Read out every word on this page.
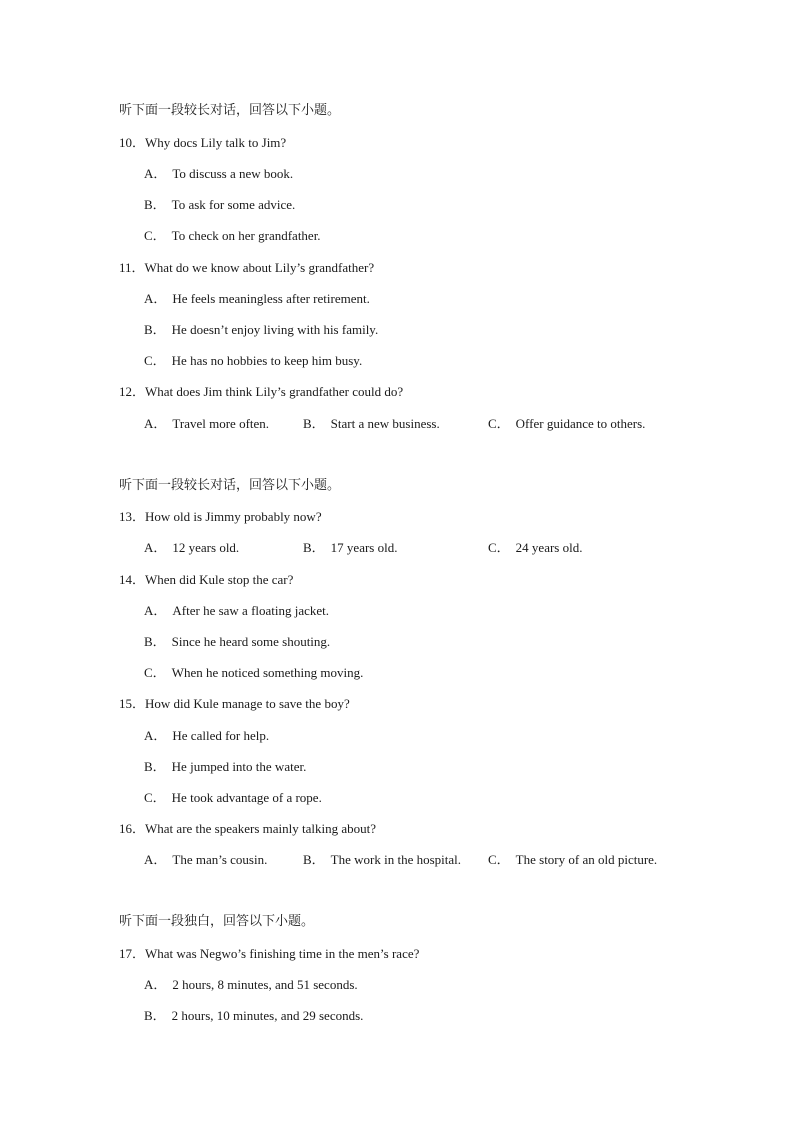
听下面一段较长对话，回答以下小题。
10．Why docs Lily talk to Jim?
A． To discuss a new book.
B． To ask for some advice.
C． To check on her grandfather.
11．What do we know about Lily’s grandfather?
A． He feels meaningless after retirement.
B． He doesn’t enjoy living with his family.
C． He has no hobbies to keep him busy.
12．What does Jim think Lily’s grandfather could do?
A． Travel more often.	B． Start a new business.	C． Offer guidance to others.
听下面一段较长对话，回答以下小题。
13．How old is Jimmy probably now?
A． 12 years old.	B． 17 years old.	C． 24 years old.
14．When did Kule stop the car?
A． After he saw a floating jacket.
B． Since he heard some shouting.
C． When he noticed something moving.
15．How did Kule manage to save the boy?
A． He called for help.
B． He jumped into the water.
C． He took advantage of a rope.
16．What are the speakers mainly talking about?
A． The man’s cousin.	B． The work in the hospital. C． The story of an old picture.
听下面一段独白，回答以下小题。
17．What was Negwo’s finishing time in the men’s race?
A． 2 hours, 8 minutes, and 51 seconds.
B． 2 hours, 10 minutes, and 29 seconds.
